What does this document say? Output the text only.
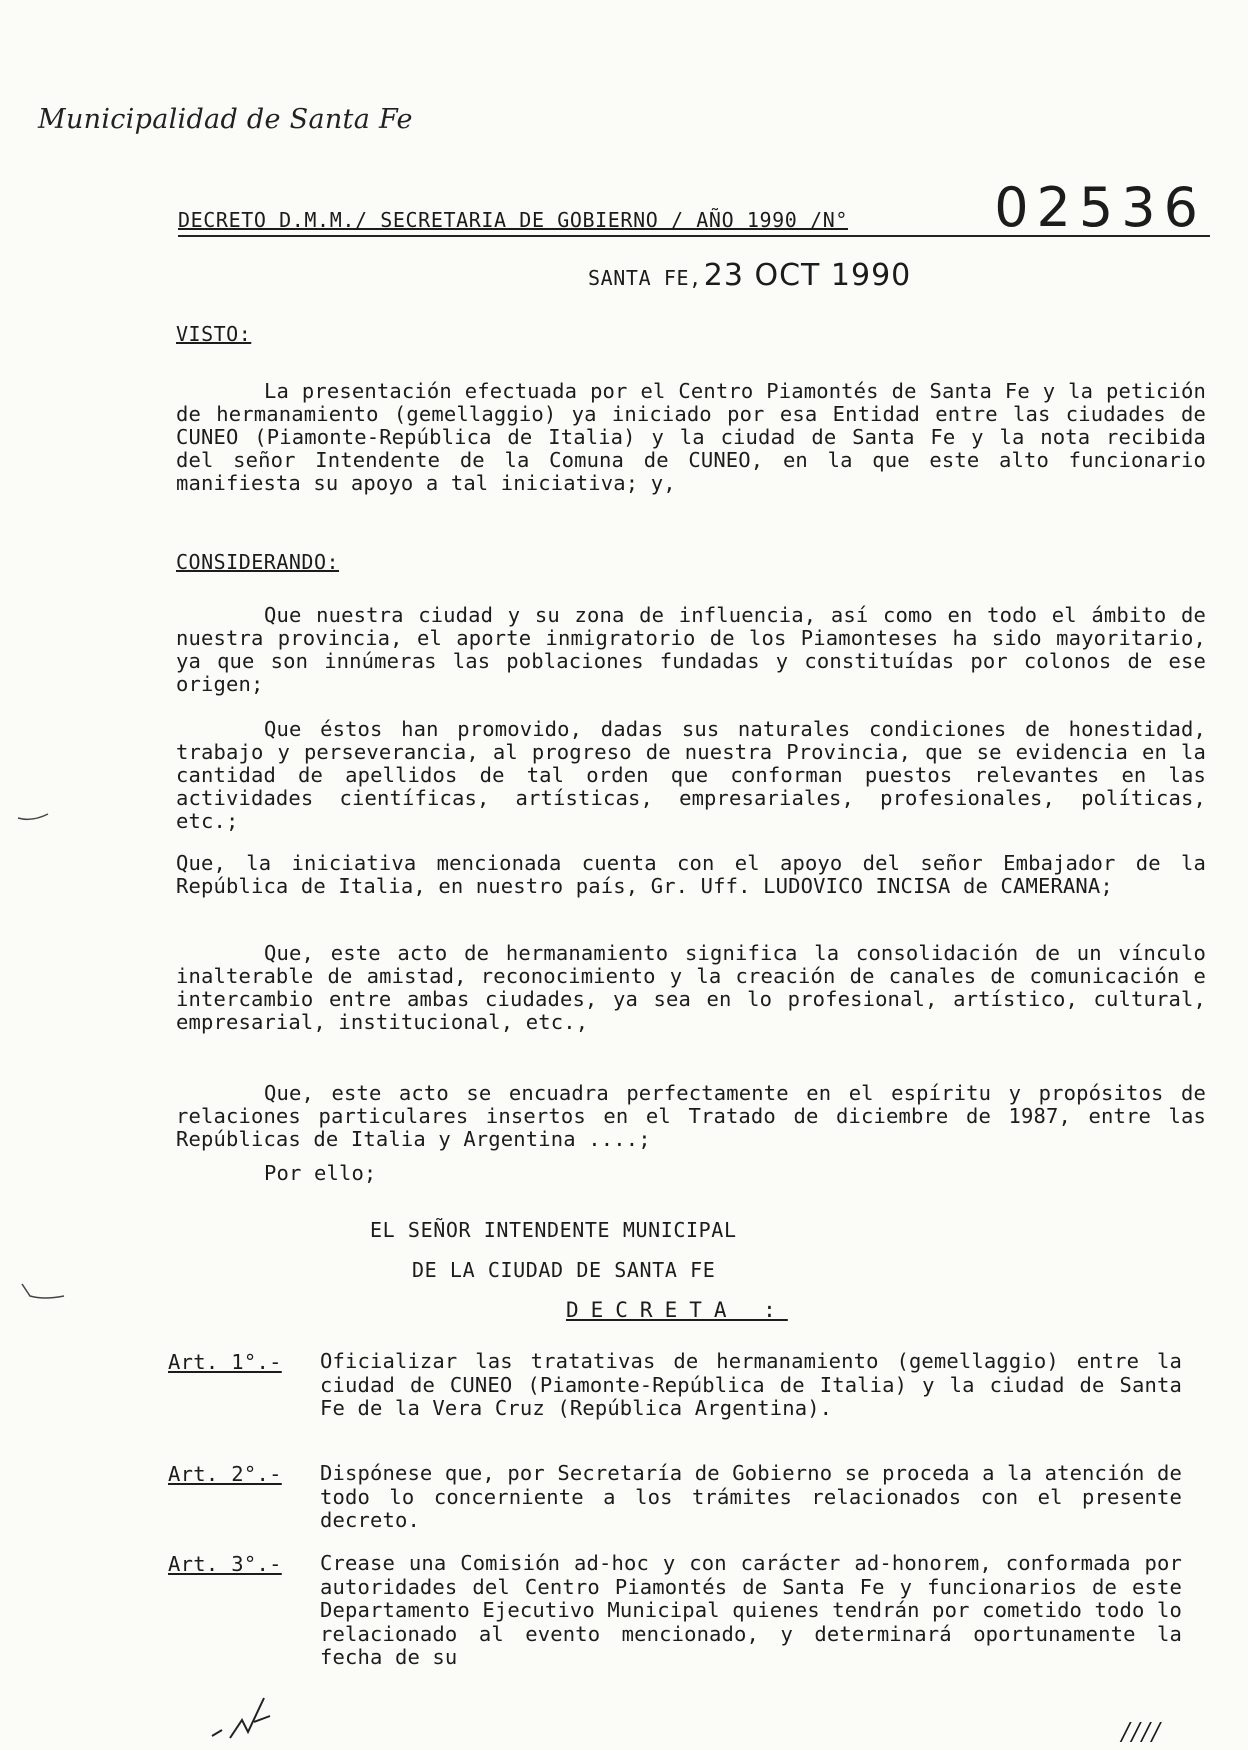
Municipalidad de Santa Fe
DECRETO D.M.M./ SECRETARIA DE GOBIERNO / AÑO 1990 /N°	02536
SANTA FE,23 OCT 1990
VISTO:
La presentación efectuada por el Centro Piamontés de Santa Fe y la petición de hermanamiento (gemellaggio) ya iniciado por esa Entidad entre las ciudades de CUNEO (Piamonte-República de Italia) y la ciudad de Santa Fe y la nota recibida del señor Intendente de la Comuna de CUNEO, en la que este alto funcionario manifiesta su apoyo a tal iniciativa; y,
CONSIDERANDO:
Que nuestra ciudad y su zona de influencia, así como en todo el ámbito de nuestra provincia, el aporte inmigratorio de los Piamonteses ha sido mayoritario, ya que son innúmeras las poblaciones fundadas y constituídas por colonos de ese origen;
Que éstos han promovido, dadas sus naturales condiciones de honestidad, trabajo y perseverancia, al progreso de nuestra Provincia, que se evidencia en la cantidad de apellidos de tal orden que conforman puestos relevantes en las actividades científicas, artísticas, empresariales, profesionales, políticas, etc.;
Que, la iniciativa mencionada cuenta con el apoyo del señor Embajador de la República de Italia, en nuestro país, Gr. Uff. LUDOVICO INCISA de CAMERANA;
Que, este acto de hermanamiento significa la consolidación de un vínculo inalterable de amistad, reconocimiento y la creación de canales de comunicación e intercambio entre ambas ciudades, ya sea en lo profesional, artístico, cultural, empresarial, institucional, etc.,
Que, este acto se encuadra perfectamente en el espíritu y propósitos de relaciones particulares insertos en el Tratado de diciembre de 1987, entre las Repúblicas de Italia y Argentina ....;
Por ello;
EL SEÑOR INTENDENTE MUNICIPAL
DE LA CIUDAD DE SANTA FE
DECRETA :
Art. 1°.- Oficializar las tratativas de hermanamiento (gemellaggio) entre la ciudad de CUNEO (Piamonte-República de Italia) y la ciudad de Santa Fe de la Vera Cruz (República Argentina).
Art. 2°.- Dispónese que, por Secretaría de Gobierno se proceda a la atención de todo lo concerniente a los trámites relacionados con el presente decreto.
Art. 3°.- Crease una Comisión ad-hoc y con carácter ad-honorem, conformada por autoridades del Centro Piamontés de Santa Fe y funcionarios de este Departamento Ejecutivo Municipal quienes tendrán por cometido todo lo relacionado al evento mencionado, y determinará oportunamente la fecha de su
////
